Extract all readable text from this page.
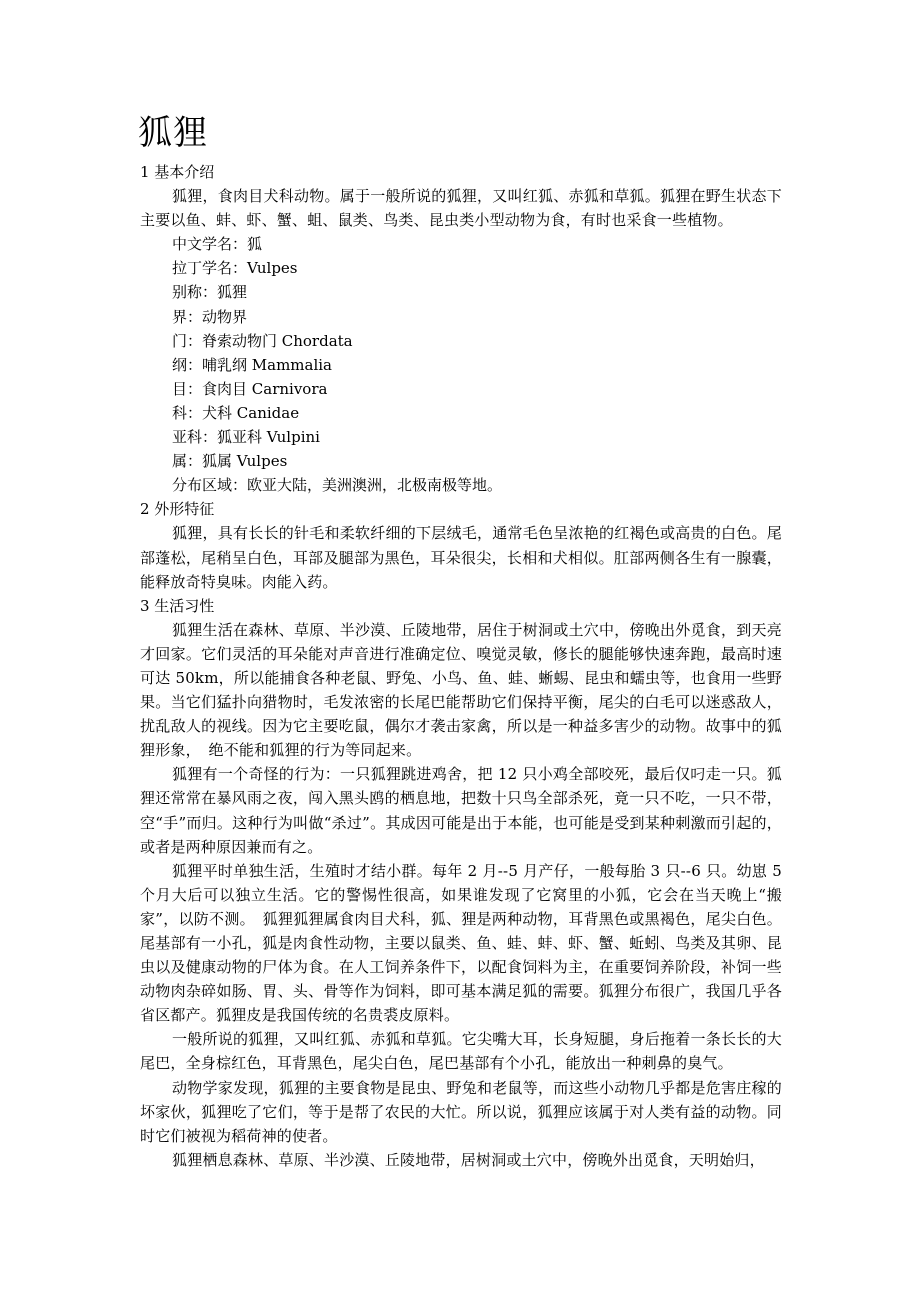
狐狸

1 基本介绍

狐狸，食肉目犬科动物。属于一般所说的狐狸，又叫红狐、赤狐和草狐。狐狸在野生状态下主要以鱼、蚌、虾、蟹、蛆、鼠类、鸟类、昆虫类小型动物为食，有时也采食一些植物。

中文学名：狐

拉丁学名：Vulpes

别称：狐狸

界：动物界

门：脊索动物门 Chordata

纲：哺乳纲 Mammalia

目：食肉目 Carnivora

科：犬科 Canidae

亚科：狐亚科 Vulpini

属：狐属 Vulpes

分布区域：欧亚大陆，美洲澳洲，北极南极等地。

2 外形特征

狐狸，具有长长的针毛和柔软纤细的下层绒毛，通常毛色呈浓艳的红褐色或高贵的白色。尾部蓬松，尾稍呈白色，耳部及腿部为黑色，耳朵很尖，长相和犬相似。肛部两侧各生有一腺囊，能释放奇特臭味。肉能入药。

3 生活习性

狐狸生活在森林、草原、半沙漠、丘陵地带，居住于树洞或土穴中，傍晚出外觅食，到天亮才回家。它们灵活的耳朵能对声音进行准确定位、嗅觉灵敏，修长的腿能够快速奔跑，最高时速可达 50km，所以能捕食各种老鼠、野兔、小鸟、鱼、蛙、蜥蜴、昆虫和蠕虫等，也食用一些野果。当它们猛扑向猎物时，毛发浓密的长尾巴能帮助它们保持平衡，尾尖的白毛可以迷惑敌人，扰乱敌人的视线。因为它主要吃鼠，偶尔才袭击家禽，所以是一种益多害少的动物。故事中的狐狸形象，　绝不能和狐狸的行为等同起来。

狐狸有一个奇怪的行为：一只狐狸跳进鸡舍，把 12 只小鸡全部咬死，最后仅叼走一只。狐狸还常常在暴风雨之夜，闯入黑头鸥的栖息地，把数十只鸟全部杀死，竟一只不吃，一只不带，空“手”而归。这种行为叫做“杀过”。其成因可能是出于本能，也可能是受到某种刺激而引起的，或者是两种原因兼而有之。

狐狸平时单独生活，生殖时才结小群。每年 2 月--5 月产仔，一般每胎 3 只--6 只。幼崽 5 个月大后可以独立生活。它的警惕性很高，如果谁发现了它窝里的小狐，它会在当天晚上“搬家”，以防不测。　狐狸狐狸属食肉目犬科，狐、狸是两种动物，耳背黑色或黑褐色，尾尖白色。尾基部有一小孔，狐是肉食性动物，主要以鼠类、鱼、蛙、蚌、虾、蟹、蚯蚓、鸟类及其卵、昆虫以及健康动物的尸体为食。在人工饲养条件下，以配食饲料为主，在重要饲养阶段，补饲一些动物肉杂碎如肠、胃、头、骨等作为饲料，即可基本满足狐的需要。狐狸分布很广，我国几乎各省区都产。狐狸皮是我国传统的名贵裘皮原料。

一般所说的狐狸，又叫红狐、赤狐和草狐。它尖嘴大耳，长身短腿，身后拖着一条长长的大尾巴，全身棕红色，耳背黑色，尾尖白色，尾巴基部有个小孔，能放出一种刺鼻的臭气。

动物学家发现，狐狸的主要食物是昆虫、野兔和老鼠等，而这些小动物几乎都是危害庄稼的坏家伙，狐狸吃了它们，等于是帮了农民的大忙。所以说，狐狸应该属于对人类有益的动物。同时它们被视为稻荷神的使者。

狐狸栖息森林、草原、半沙漠、丘陵地带，居树洞或土穴中，傍晚外出觅食，天明始归，
